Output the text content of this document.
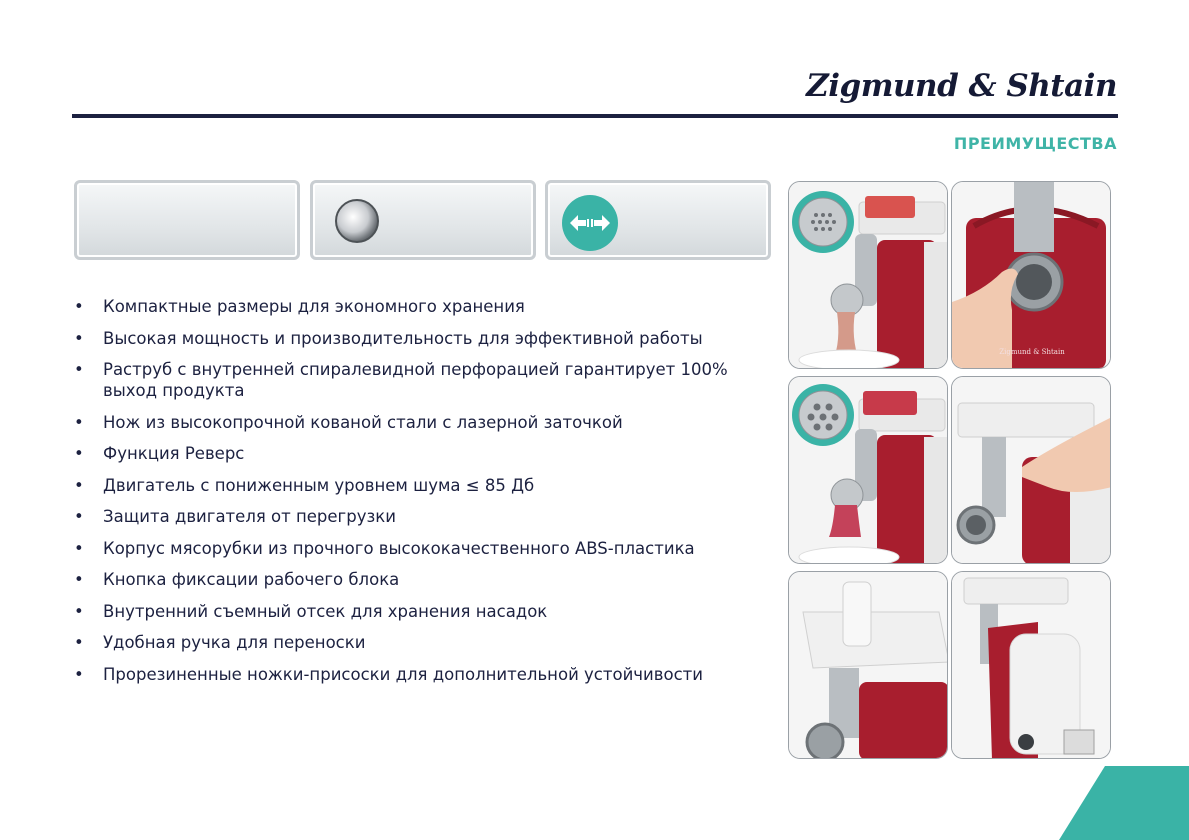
Zigmund & Shtain
ПРЕИМУЩЕСТВА
• Компактные размеры для экономного хранения
• Высокая мощность и производительность для эффективной работы
• Раструб с внутренней спиралевидной перфорацией гарантирует 100% выход продукта
• Нож из высокопрочной кованой стали с лазерной заточкой
• Функция Реверс
• Двигатель с пониженным уровнем шума ≤ 85 Дб
• Защита двигателя от перегрузки
• Корпус мясорубки из прочного высококачественного ABS-пластика
• Кнопка фиксации рабочего блока
• Внутренний съемный отсек для хранения насадок
• Удобная ручка для переноски
• Прорезиненные ножки-присоски для дополнительной устойчивости
Zigmund & Shtain
